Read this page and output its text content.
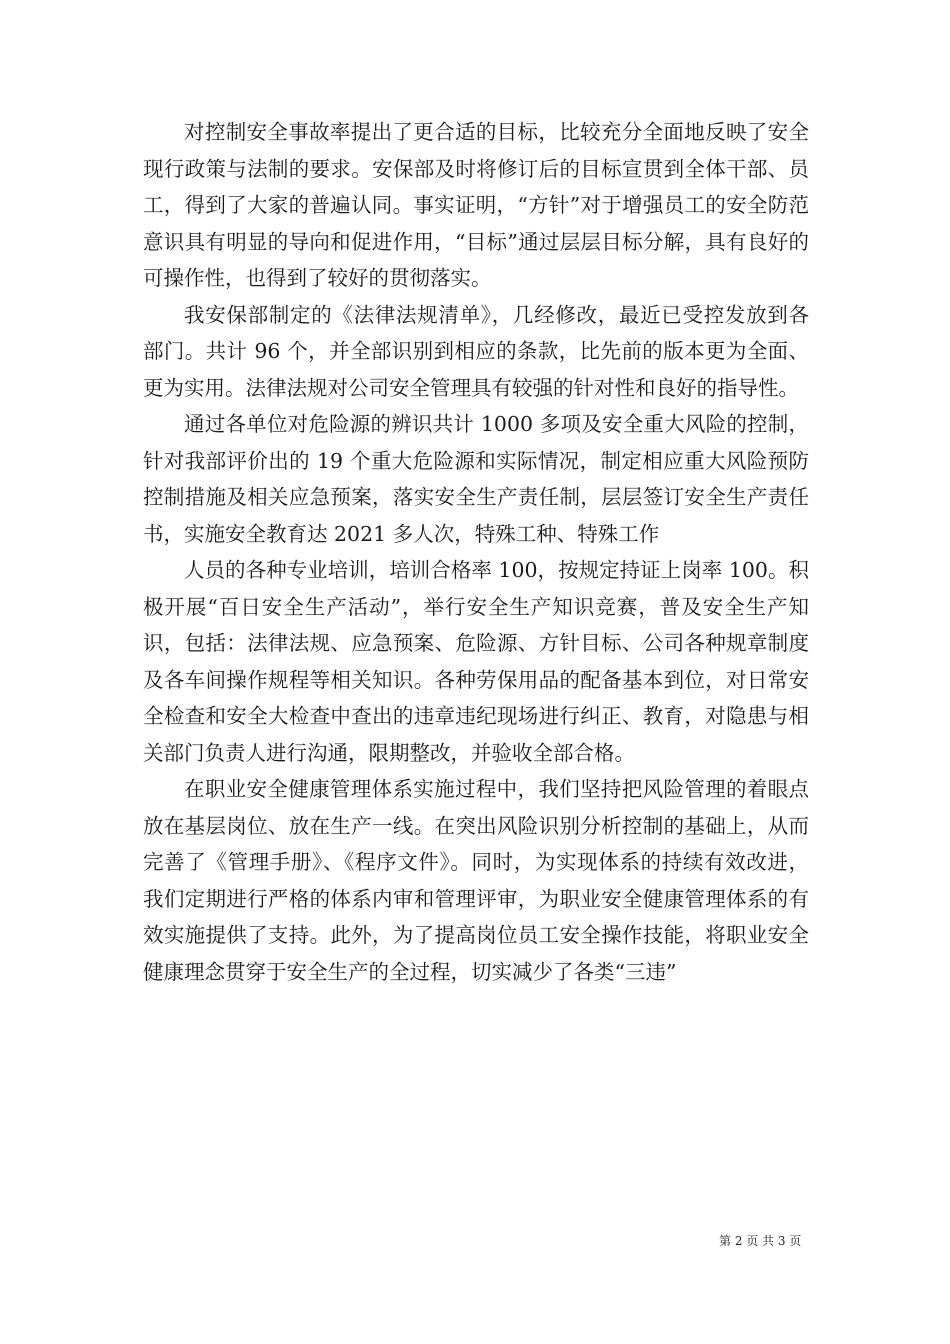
对控制安全事故率提出了更合适的目标，比较充分全面地反映了安全现行政策与法制的要求。安保部及时将修订后的目标宣贯到全体干部、员工，得到了大家的普遍认同。事实证明，“方针”对于增强员工的安全防范意识具有明显的导向和促进作用，“目标”通过层层目标分解，具有良好的可操作性，也得到了较好的贯彻落实。

我安保部制定的《法律法规清单》，几经修改，最近已受控发放到各部门。共计 96 个，并全部识别到相应的条款，比先前的版本更为全面、更为实用。法律法规对公司安全管理具有较强的针对性和良好的指导性。

通过各单位对危险源的辨识共计 1000 多项及安全重大风险的控制，针对我部评价出的 19 个重大危险源和实际情况，制定相应重大风险预防控制措施及相关应急预案，落实安全生产责任制，层层签订安全生产责任书，实施安全教育达 2021 多人次，特殊工种、特殊工作

人员的各种专业培训，培训合格率 100，按规定持证上岗率 100。积极开展“百日安全生产活动”，举行安全生产知识竞赛，普及安全生产知识，包括：法律法规、应急预案、危险源、方针目标、公司各种规章制度及各车间操作规程等相关知识。各种劳保用品的配备基本到位，对日常安全检查和安全大检查中查出的违章违纪现场进行纠正、教育，对隐患与相关部门负责人进行沟通，限期整改，并验收全部合格。

在职业安全健康管理体系实施过程中，我们坚持把风险管理的着眼点放在基层岗位、放在生产一线。在突出风险识别分析控制的基础上，从而完善了《管理手册》、《程序文件》。同时，为实现体系的持续有效改进，我们定期进行严格的体系内审和管理评审，为职业安全健康管理体系的有效实施提供了支持。此外，为了提高岗位员工安全操作技能，将职业安全健康理念贯穿于安全生产的全过程，切实减少了各类“三违”

第 2 页 共 3 页
